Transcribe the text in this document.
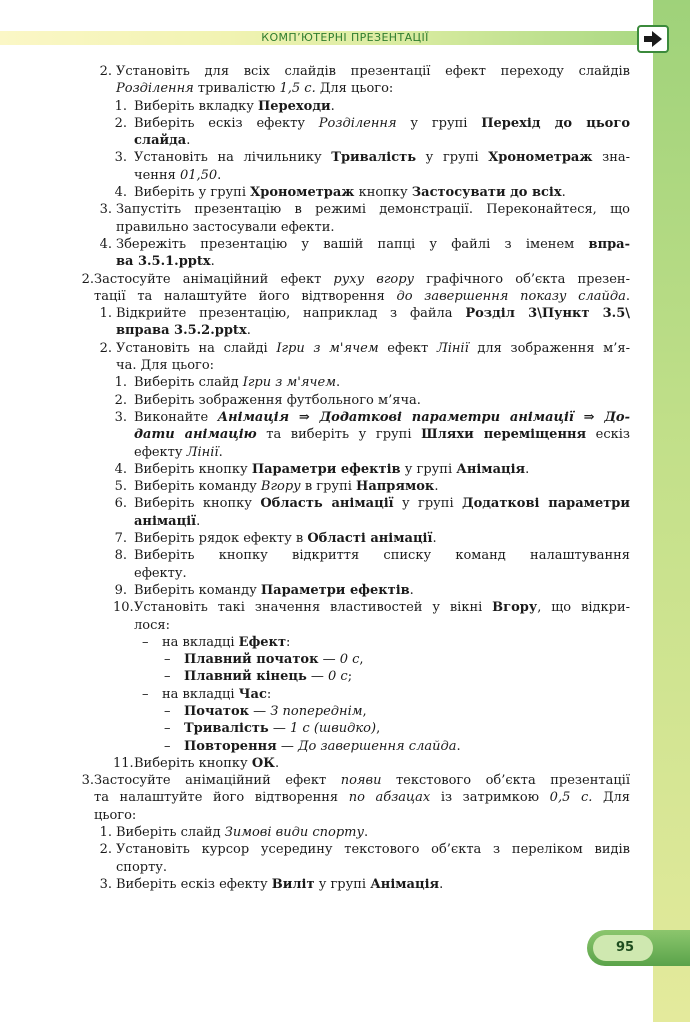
КОМП’ЮТЕРНІ ПРЕЗЕНТАЦІЇ
2. Установіть для всіх слайдів презентації ефект переходу слайдів
Розділення тривалістю 1,5 с. Для цього:
1. Виберіть вкладку Переходи.
2. Виберіть ескіз ефекту Розділення у групі Перехід до цього
слайда.
3. Установіть на лічильнику Тривалість у групі Хронометраж зна-
чення 01,50.
4. Виберіть у групі Хронометраж кнопку Застосувати до всіх.
3. Запустіть презентацію в режимі демонстрації. Переконайтеся, що
правильно застосували ефекти.
4. Збережіть презентацію у вашій папці у файлі з іменем впра-
ва 3.5.1.pptx.
2. Застосуйте анімаційний ефект руху вгору графічного об’єкта презен-
тації та налаштуйте його відтворення до завершення показу слайда.
1. Відкрийте презентацію, наприклад з файла Розділ 3\Пункт 3.5\
вправа 3.5.2.pptx.
2. Установіть на слайді Ігри з м'ячем ефект Лінії для зображення м’я-
ча. Для цього:
1. Виберіть слайд Ігри з м'ячем.
2. Виберіть зображення футбольного м’яча.
3. Виконайте Анімація ⇒ Додаткові параметри анімації ⇒ До-
дати анімацію та виберіть у групі Шляхи переміщення ескіз
ефекту Лінії.
4. Виберіть кнопку Параметри ефектів у групі Анімація.
5. Виберіть команду Вгору в групі Напрямок.
6. Виберіть кнопку Область анімації у групі Додаткові параметри
анімації.
7. Виберіть рядок ефекту в Області анімації.
8. Виберіть кнопку відкриття списку команд налаштування
ефекту.
9. Виберіть команду Параметри ефектів.
10. Установіть такі значення властивостей у вікні Вгору, що відкри-
лося:
– на вкладці Ефект:
– Плавний початок — 0 с,
– Плавний кінець — 0 с;
– на вкладці Час:
– Початок — З попереднім,
– Тривалість — 1 с (швидко),
– Повторення — До завершення слайда.
11. Виберіть кнопку ОК.
3. Застосуйте анімаційний ефект появи текстового об’єкта презентації
та налаштуйте його відтворення по абзацах із затримкою 0,5 с. Для
цього:
1. Виберіть слайд Зимові види спорту.
2. Установіть курсор усередину текстового об’єкта з переліком видів
спорту.
3. Виберіть ескіз ефекту Виліт у групі Анімація.
95
